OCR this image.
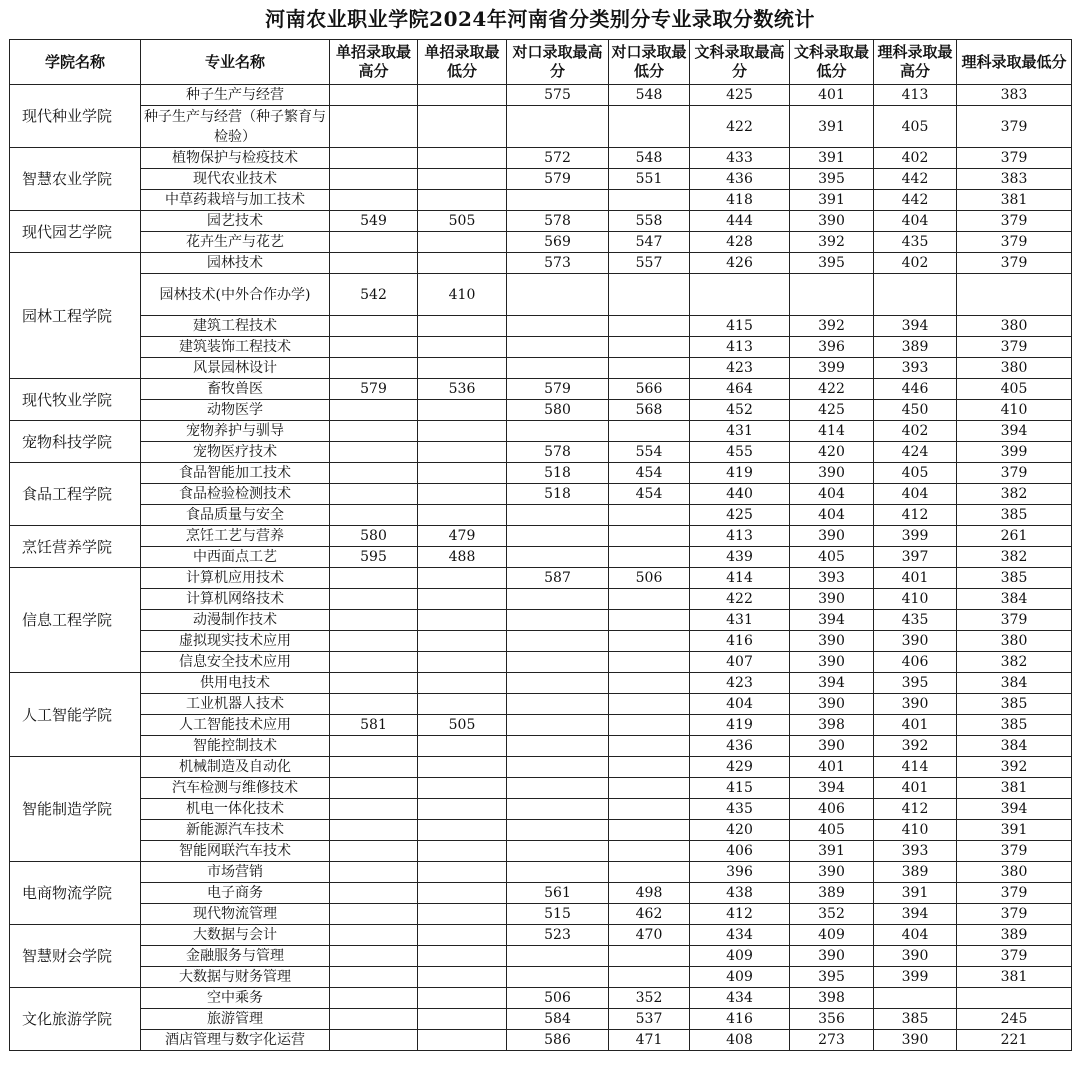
河南农业职业学院2024年河南省分类别分专业录取分数统计
学院名称	专业名称	单招录取最高分	单招录取最低分	对口录取最高分	对口录取最低分	文科录取最高分	文科录取最低分	理科录取最高分	理科录取最低分
现代种业学院	种子生产与经营			575	548	425	401	413	383
	种子生产与经营（种子繁育与检验）					422	391	405	379
智慧农业学院	植物保护与检疫技术			572	548	433	391	402	379
	现代农业技术			579	551	436	395	442	383
	中草药栽培与加工技术					418	391	442	381
现代园艺学院	园艺技术	549	505	578	558	444	390	404	379
	花卉生产与花艺			569	547	428	392	435	379
园林工程学院	园林技术			573	557	426	395	402	379
	园林技术(中外合作办学)	542	410						
	建筑工程技术					415	392	394	380
	建筑装饰工程技术					413	396	389	379
	风景园林设计					423	399	393	380
现代牧业学院	畜牧兽医	579	536	579	566	464	422	446	405
	动物医学			580	568	452	425	450	410
宠物科技学院	宠物养护与驯导					431	414	402	394
	宠物医疗技术			578	554	455	420	424	399
食品工程学院	食品智能加工技术			518	454	419	390	405	379
	食品检验检测技术			518	454	440	404	404	382
	食品质量与安全					425	404	412	385
烹饪营养学院	烹饪工艺与营养	580	479			413	390	399	261
	中西面点工艺	595	488			439	405	397	382
信息工程学院	计算机应用技术			587	506	414	393	401	385
	计算机网络技术					422	390	410	384
	动漫制作技术					431	394	435	379
	虚拟现实技术应用					416	390	390	380
	信息安全技术应用					407	390	406	382
人工智能学院	供用电技术					423	394	395	384
	工业机器人技术					404	390	390	385
	人工智能技术应用	581	505			419	398	401	385
	智能控制技术					436	390	392	384
智能制造学院	机械制造及自动化					429	401	414	392
	汽车检测与维修技术					415	394	401	381
	机电一体化技术					435	406	412	394
	新能源汽车技术					420	405	410	391
	智能网联汽车技术					406	391	393	379
电商物流学院	市场营销					396	390	389	380
	电子商务			561	498	438	389	391	379
	现代物流管理			515	462	412	352	394	379
智慧财会学院	大数据与会计			523	470	434	409	404	389
	金融服务与管理					409	390	390	379
	大数据与财务管理					409	395	399	381
文化旅游学院	空中乘务			506	352	434	398		
	旅游管理			584	537	416	356	385	245
	酒店管理与数字化运营			586	471	408	273	390	221
